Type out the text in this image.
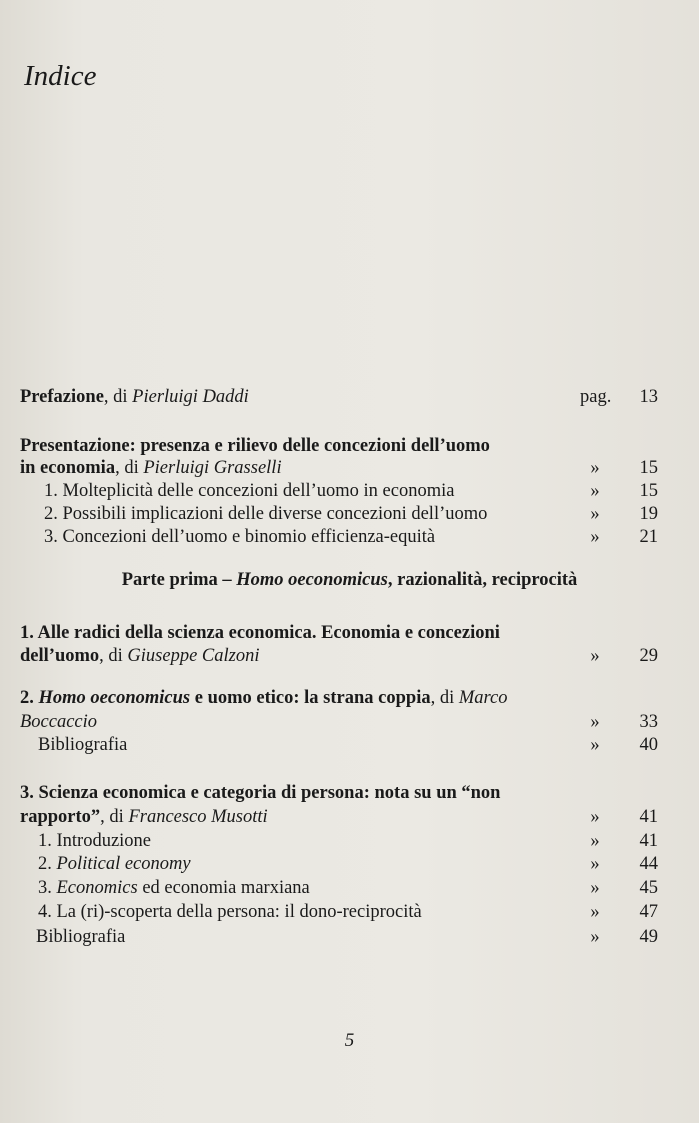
Indice
Prefazione, di Pierluigi Daddi	pag.	13
Presentazione: presenza e rilievo delle concezioni dell’uomo
in economia, di Pierluigi Grasselli	»	15
1. Molteplicità delle concezioni dell’uomo in economia	»	15
2. Possibili implicazioni delle diverse concezioni dell’uomo	»	19
3. Concezioni dell’uomo e binomio efficienza-equità	»	21
Parte prima – Homo oeconomicus, razionalità, reciprocità
1. Alle radici della scienza economica. Economia e concezioni
dell’uomo, di Giuseppe Calzoni	»	29
2. Homo oeconomicus e uomo etico: la strana coppia, di Marco
Boccaccio	»	33
Bibliografia	»	40
3. Scienza economica e categoria di persona: nota su un “non
rapporto”, di Francesco Musotti	»	41
1. Introduzione	»	41
2. Political economy	»	44
3. Economics ed economia marxiana	»	45
4. La (ri)-scoperta della persona: il dono-reciprocità	»	47
Bibliografia	»	49
5
